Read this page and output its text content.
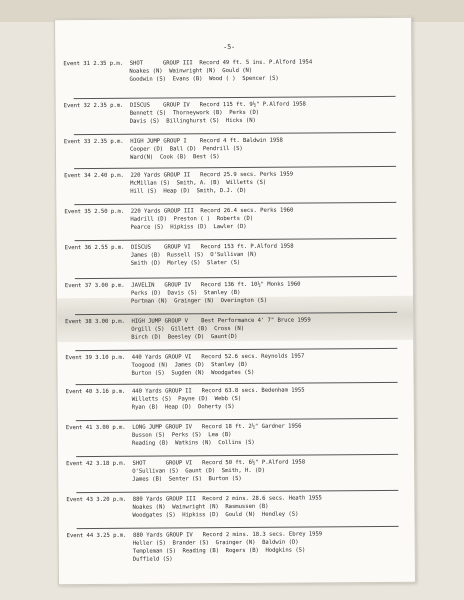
-5-
Event 31 2.35 p.m.  SHOT      GROUP III  Record 49 ft. 5 ins. P.Alford 1954
Noakes (N)  Wainwright (N)  Gould (N)
Goodwin (S)  Evans (B)  Wood ( )  Spencer (S)
Event 32 2.35 p.m.  DISCUS    GROUP IV   Record 115 ft. 9½" P.Alford 1958
Bennett (S)  Thorneywork (B)  Perks (D)
Davis (S)  Billinghurst (S)  Hicks (N)
Event 33 2.35 p.m.  HIGH JUMP GROUP I    Record 4 ft. Baldwin 1958
Cooper (D)  Ball (D)  Pendrill (S)
Ward(N)  Cook (B)  Best (S)
Event 34 2.40 p.m.  220 Yards GROUP II   Record 25.9 secs. Perks 1959
McMillan (S)  Smith, A. (B)  Willetts (S)
Hill (S)  Heap (D)  Smith, D.J. (D)
Event 35 2.50 p.m.  220 Yards GROUP III  Record 26.4 secs. Perks 1960
Hadrill (D)  Preston ( )  Roberts (D)
Pearce (S)  Hipkiss (D)  Lawler (D)
Event 36 2.55 p.m.  DISCUS    GROUP VI   Record 153 ft. P.Alford 1958
James (B)  Russell (S)  O'Sullivan (N)
Smith (D)  Morley (S)  Slater (S)
Event 37 3.00 p.m.  JAVELIN   GROUP IV   Record 136 ft. 10½" Monks 1960
Perks (D)  Davis (S)  Stanley (B)
Portman (N)  Grainger (N)  Overington (S)
Event 38 3.00 p.m.  HIGH JUMP GROUP V    Best Performance 4' 7" Bruce 1959
Orgill (S)  Gillett (B)  Cross (N)
Birch (D)  Beesley (D)  Gaunt(D)
Event 39 3.10 p.m.  440 Yards GROUP VI   Record 52.6 secs. Reynolds 1957
Toogood (N)  James (D)  Stanley (B)
Burton (S)  Sugden (N)  Woodgates (S)
Event 40 3.16 p.m.  440 Yards GROUP II   Record 63.8 secs. Bedenham 1955
Willetts (S)  Payne (D)  Webb (S)
Ryan (B)  Heap (D)  Doherty (S)
Event 41 3.00 p.m.  LONG JUMP GROUP IV   Record 18 ft. 2½" Gardner 1956
Busson (S)  Perks (S)  Lea (B)
Reading (B)  Watkins (N)  Collins (S)
Event 42 3.18 p.m.  SHOT      GROUP VI   Record 50 ft. 6½" P.Alford 1958
O'Sullivan (S)  Gaunt (D)  Smith, H. (D)
James (B)  Senter (S)  Burton (S)
Event 43 3.20 p.m.  880 Yards GROUP III  Record 2 mins. 28.6 secs. Heath 1955
Noakes (N)  Wainwright (N)  Rasmussen (B)
Woodgates (S)  Hipkiss (D)  Gould (N)  Hendley (S)
Event 44 3.25 p.m.  880 Yards GROUP IV   Record 2 mins. 18.3 secs. Ebrey 1959
Heller (S)  Brander (S)  Grainger (N)  Baldwin (D)
Templeman (S)  Reading (B)  Rogers (B)  Hodgkins (S)
Duffield (S)
